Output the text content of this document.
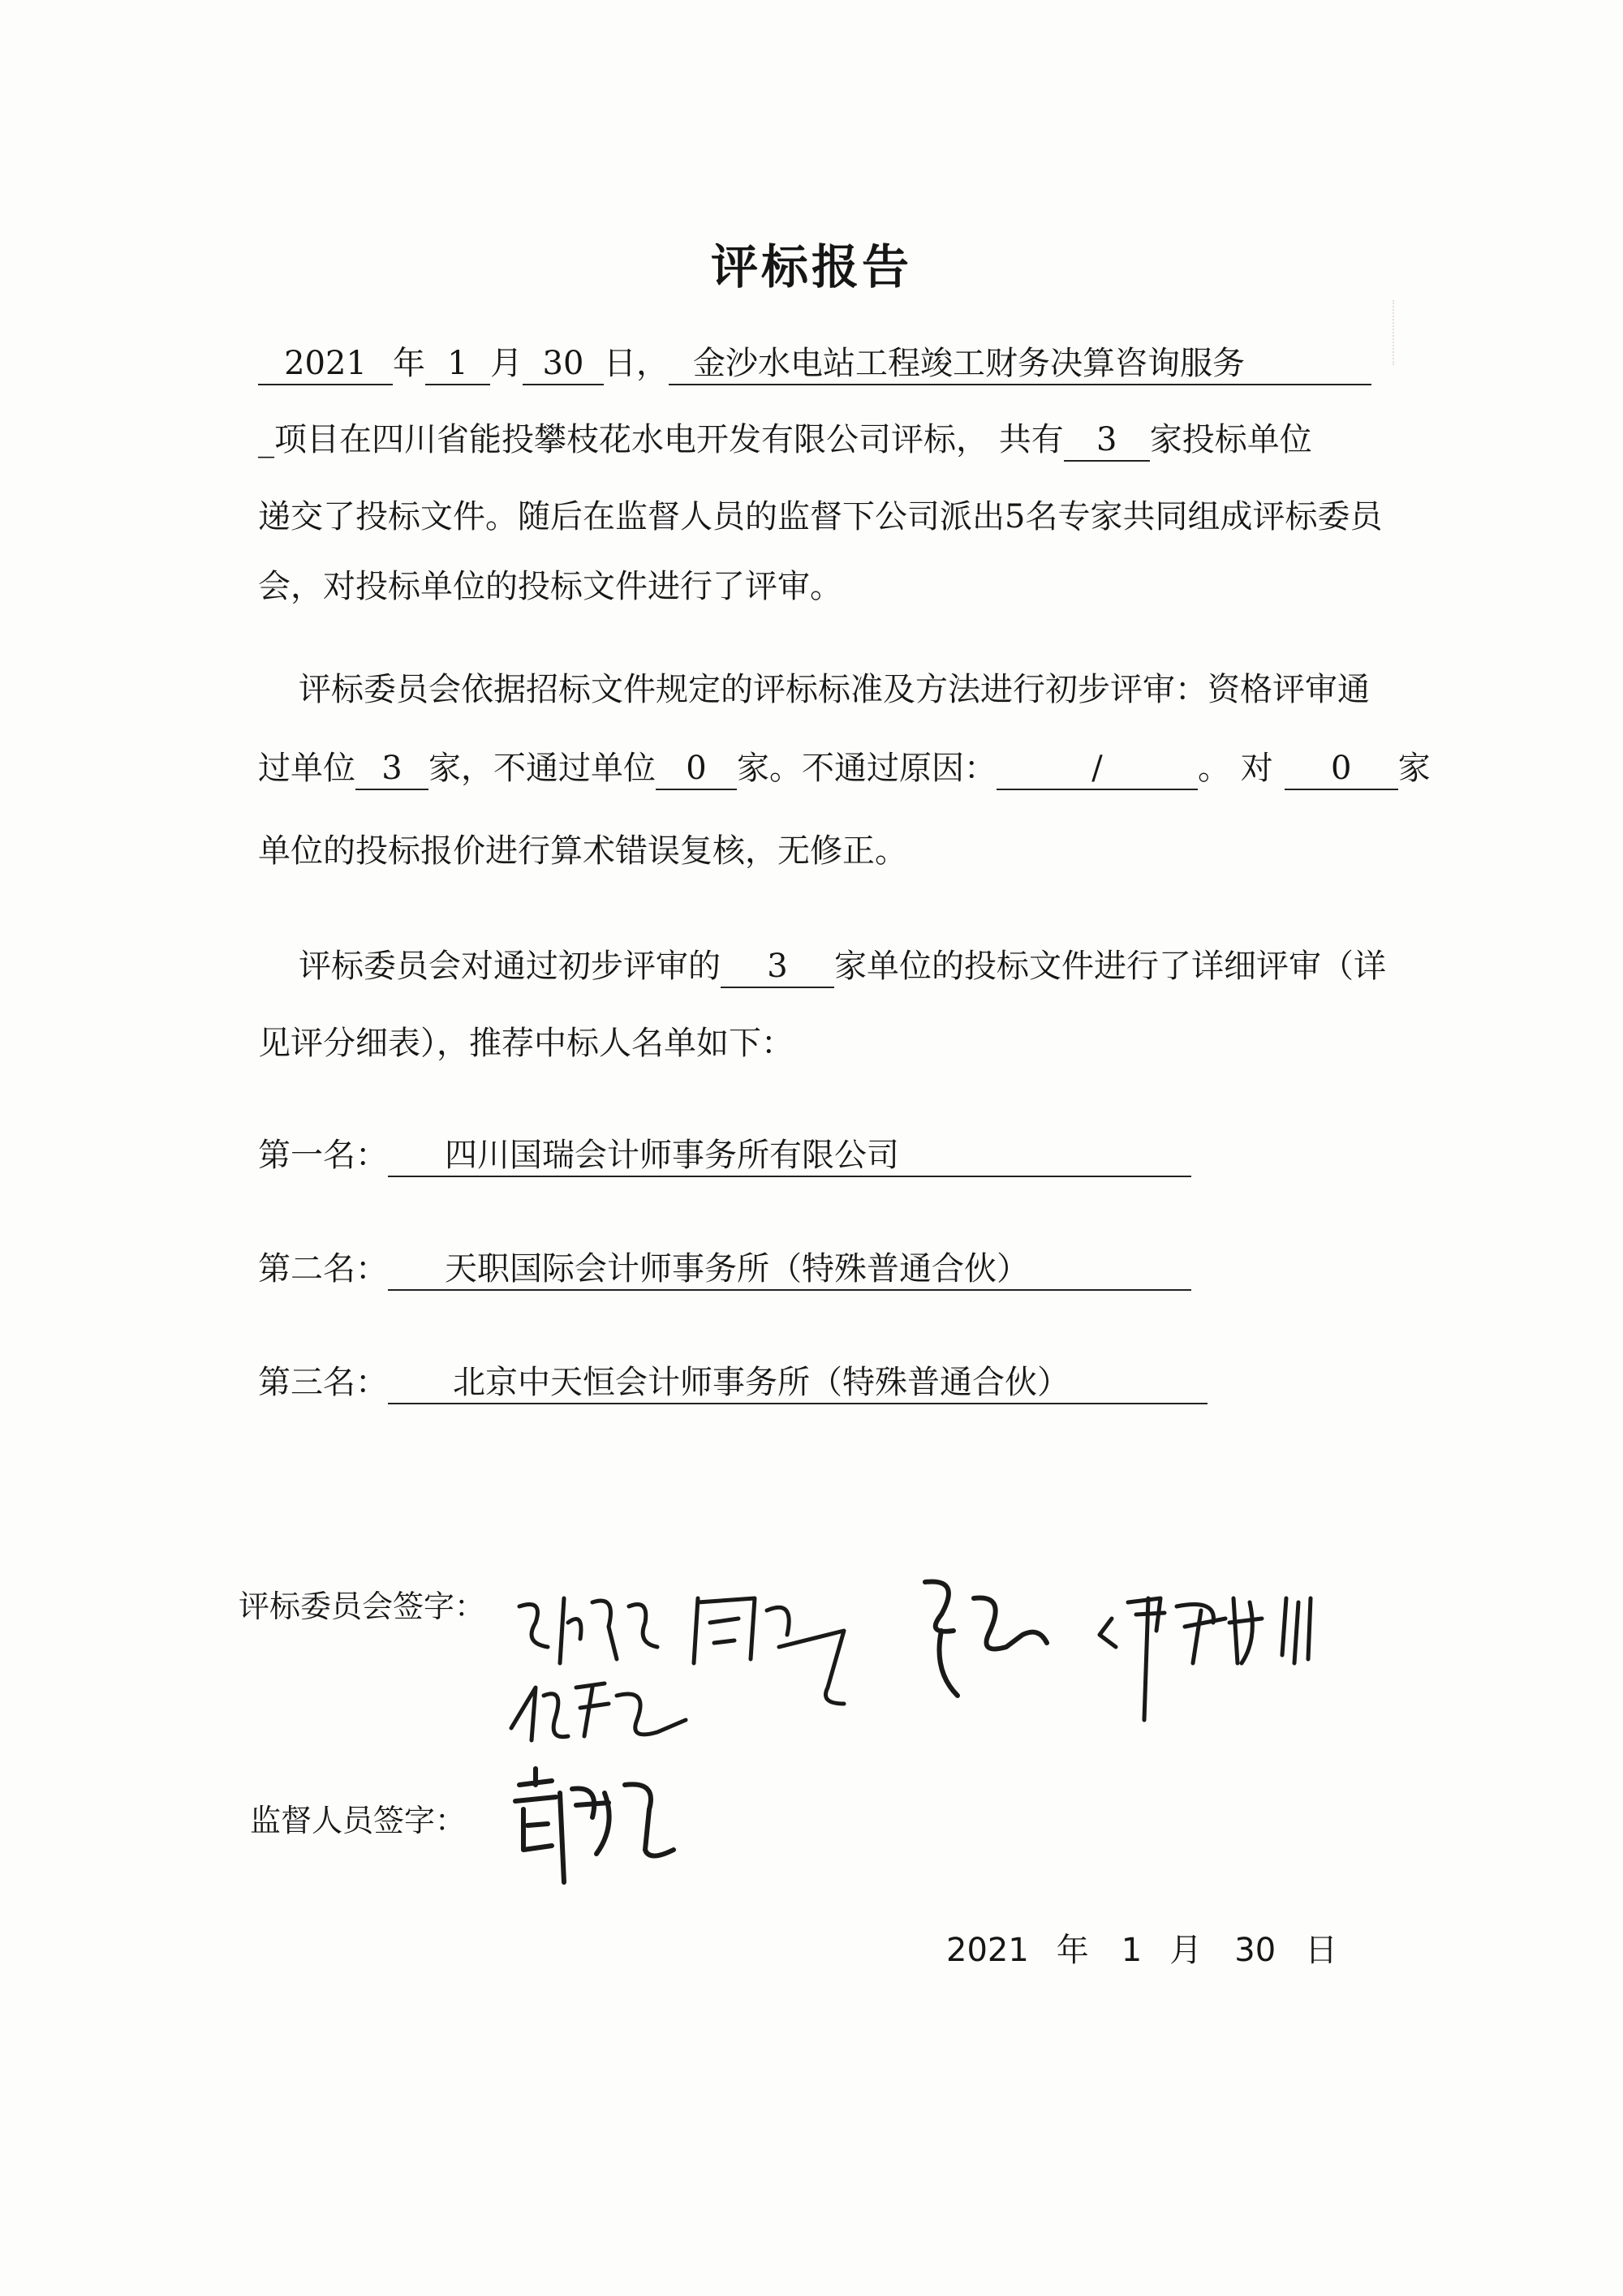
评标报告
2021 年 1 月 30 日， 金沙水电站工程竣工财务决算咨询服务
_项目在四川省能投攀枝花水电开发有限公司评标， 共有 3 家投标单位
递交了投标文件。随后在监督人员的监督下公司派出5名专家共同组成评标委员
会，对投标单位的投标文件进行了评审。
评标委员会依据招标文件规定的评标标准及方法进行初步评审：资格评审通
过单位 3 家，不通过单位 0 家。不通过原因：	/	。 对 0 家
单位的投标报价进行算术错误复核，无修正。
评标委员会对通过初步评审的 3 家单位的投标文件进行了详细评审（详
见评分细表），推荐中标人名单如下：
第一名： 四川国瑞会计师事务所有限公司
第二名： 天职国际会计师事务所（特殊普通合伙）
第三名： 北京中天恒会计师事务所（特殊普通合伙）
评标委员会签字：
监督人员签字：
2021 年 1 月 30 日
